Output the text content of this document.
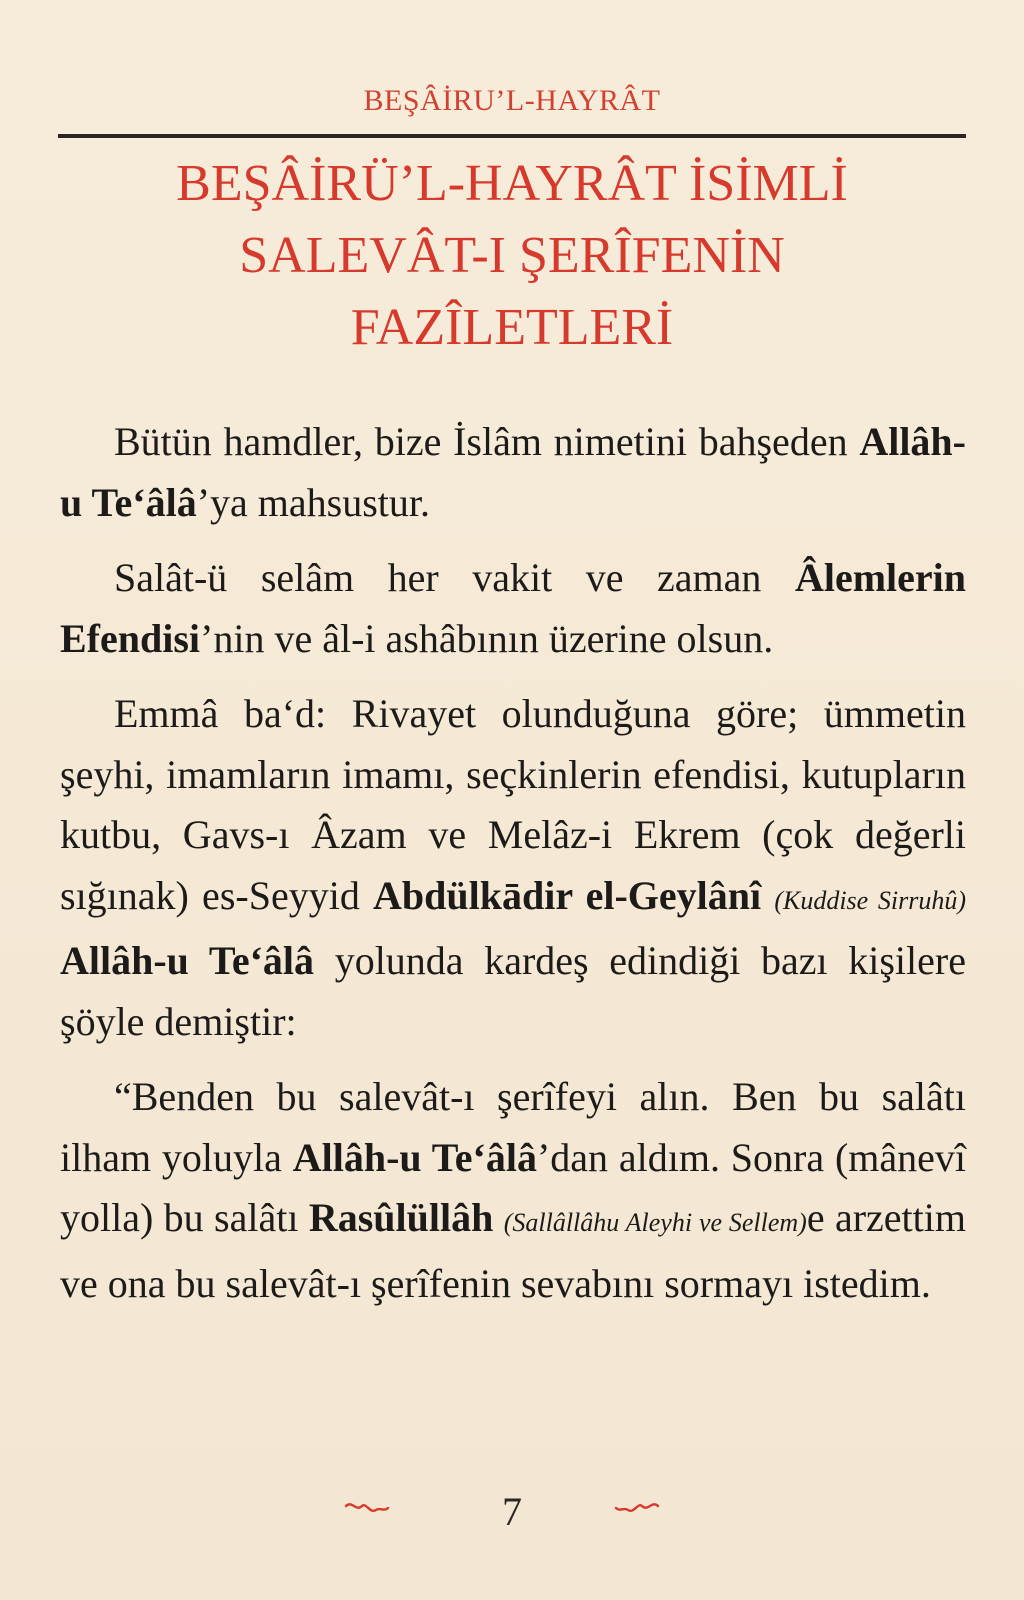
BEŞÂİRU’L-HAYRÂT
BEŞÂİRÜ’L-HAYRÂT İSİMLİ
SALEVÂT-I ŞERÎFENİN
FAZÎLETLERİ

Bütün hamdler, bize İslâm nimetini bahşeden Allâh-u Te‘âlâ’ya mahsustur.

Salât-ü selâm her vakit ve zaman Âlemlerin Efendisi’nin ve âl-i ashâbının üzerine olsun.

Emmâ ba‘d: Rivayet olunduğuna göre; ümmetin şeyhi, imamların imamı, seçkinlerin efendisi, kutupların kutbu, Gavs-ı Âzam ve Melâz-i Ekrem (çok değerli sığınak) es-Seyyid Abdülkādir el-Geylânî (Kuddise Sirruhû) Allâh-u Te‘âlâ yolunda kardeş edindiği bazı kişilere şöyle demiştir:

“Benden bu salevât-ı şerîfeyi alın. Ben bu salâtı ilham yoluyla Allâh-u Te‘âlâ’dan aldım. Sonra (mânevî yolla) bu salâtı Rasûlüllâh (Sallâllâhu Aleyhi ve Sellem)e arzettim ve ona bu salevât-ı şerîfenin sevabını sormayı istedim.

7
